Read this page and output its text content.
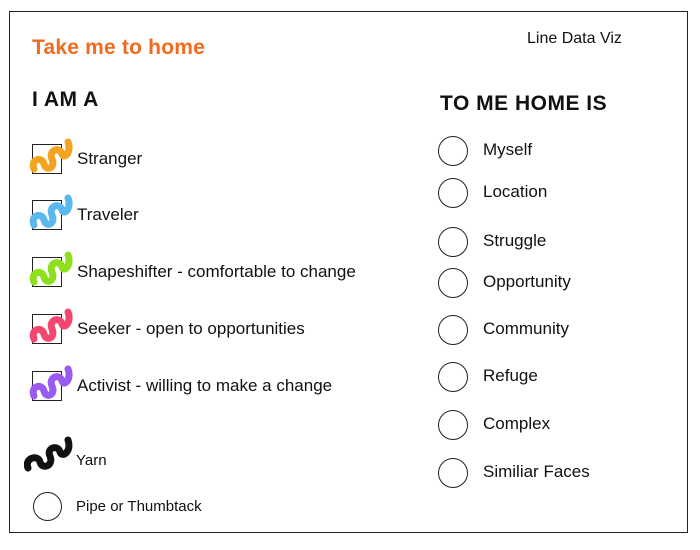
Take me to home	Line Data Viz
I AM A	TO ME HOME IS
Stranger
Traveler
Shapeshifter - comfortable to change
Seeker - open to opportunities
Activist - willing to make a change
Myself
Location
Struggle
Opportunity
Community
Refuge
Complex
Similiar Faces
Yarn
Pipe or Thumbtack
